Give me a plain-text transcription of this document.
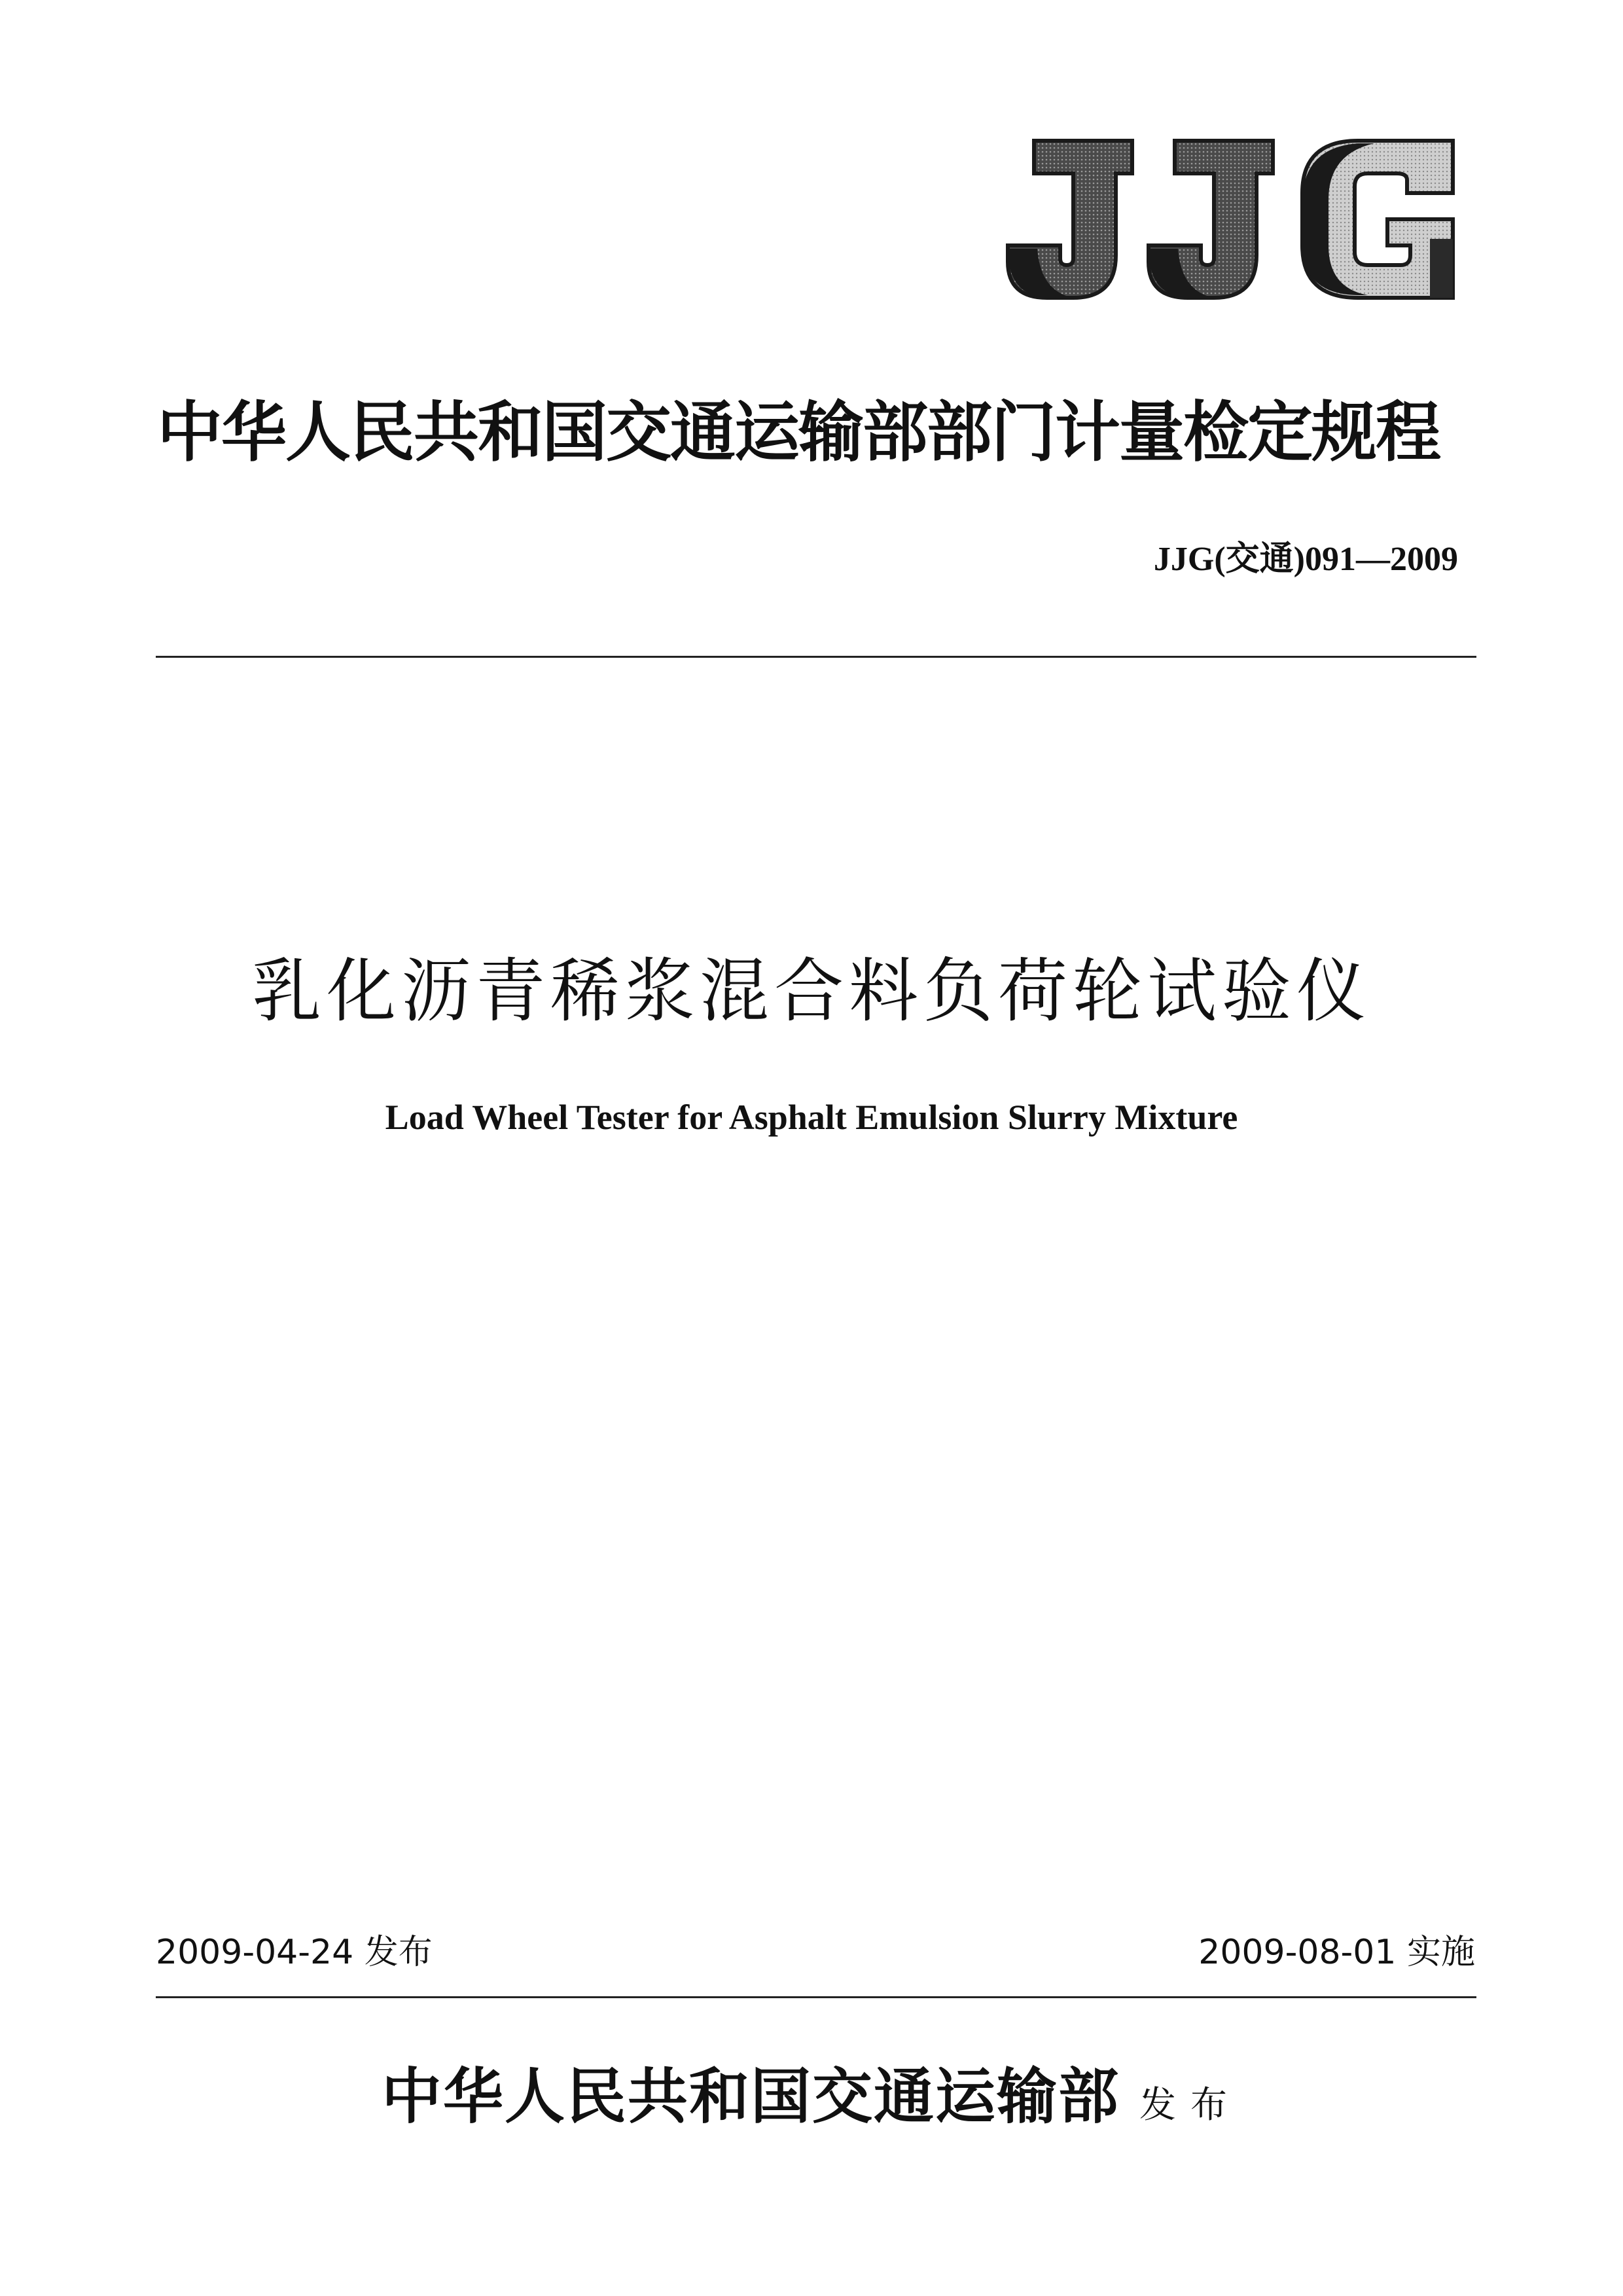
中华人民共和国交通运输部部门计量检定规程
JJG(交通)091—2009
乳化沥青稀浆混合料负荷轮试验仪
Load Wheel Tester for Asphalt Emulsion Slurry Mixture
2009-04-24 发布	2009-08-01 实施
中华人民共和国交通运输部 发布
